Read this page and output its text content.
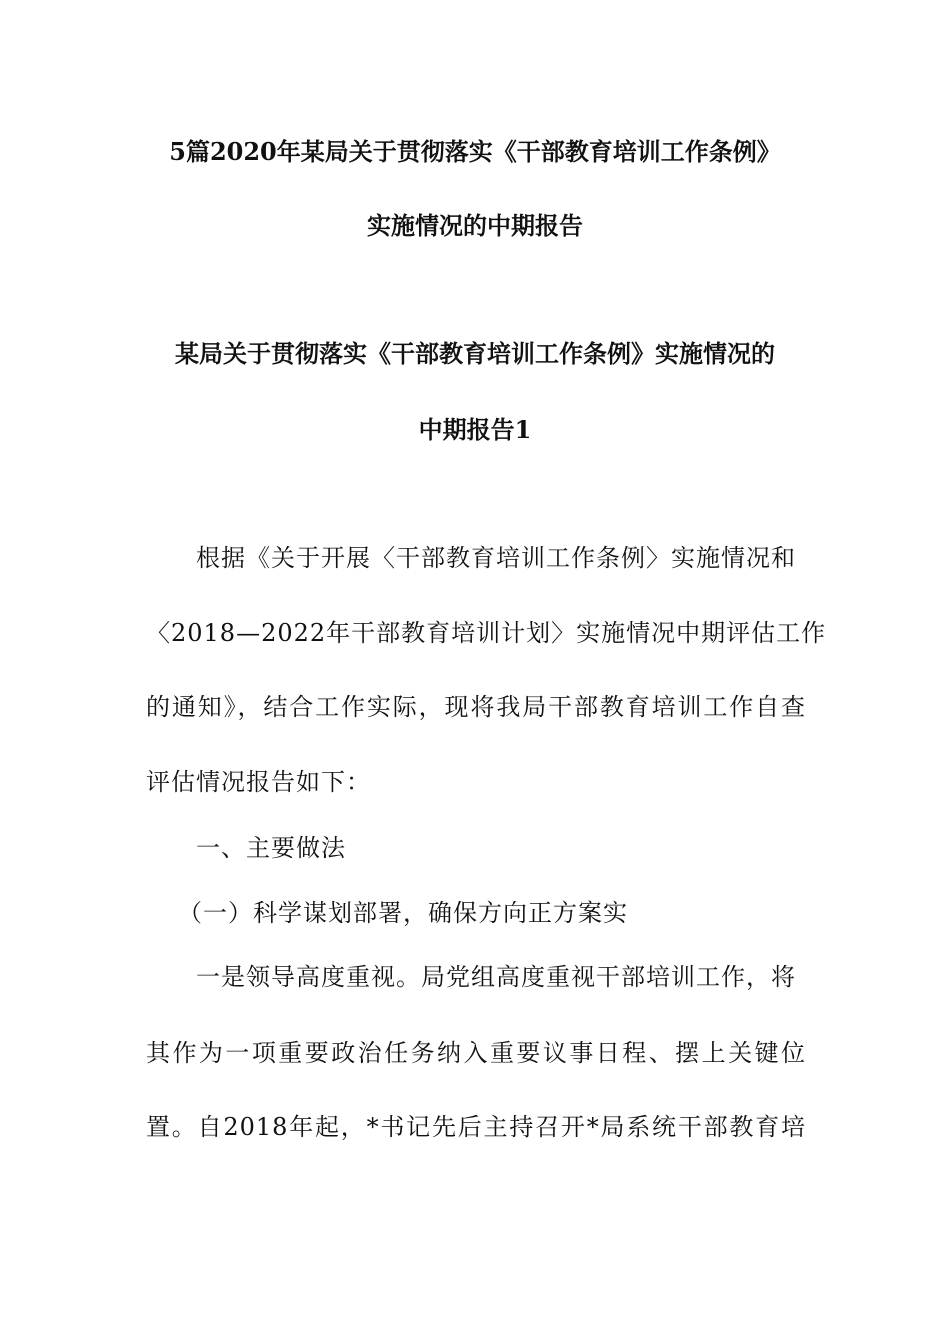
5篇2020年某局关于贯彻落实《干部教育培训工作条例》
实施情况的中期报告
某局关于贯彻落实《干部教育培训工作条例》实施情况的
中期报告1
根据《关于开展〈干部教育培训工作条例〉实施情况和
〈2018—2022年干部教育培训计划〉实施情况中期评估工作
的通知》，结合工作实际，现将我局干部教育培训工作自查
评估情况报告如下：
一、主要做法
（一）科学谋划部署，确保方向正方案实
一是领导高度重视。局党组高度重视干部培训工作，将
其作为一项重要政治任务纳入重要议事日程、摆上关键位
置。自2018年起，*书记先后主持召开*局系统干部教育培
